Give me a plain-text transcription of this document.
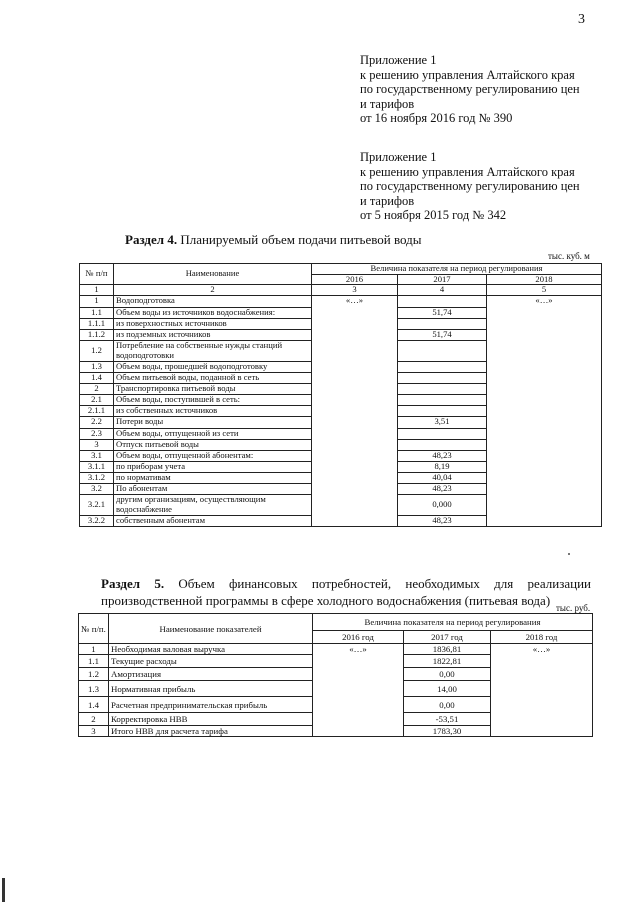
3
Приложение 1
к решению управления Алтайского края
по государственному регулированию цен
и тарифов
от 16 ноября 2016 год № 390
Приложение 1
к решению управления Алтайского края
по государственному регулированию цен
и тарифов
от 5 ноября 2015 год № 342
Раздел 4. Планируемый объем подачи питьевой воды
тыс. куб. м
№ п/п	Наименование	Величина показателя на период регулирования		
		2016	2017	2018
1	2	3	4	5
1	Водоподготовка	«…»		«…»
1.1	Объем воды из источников водоснабжения:		51,74	
1.1.1	из поверхностных источников			
1.1.2	из подземных источников		51,74	
1.2	Потребление на собственные нужды станций водоподготовки			
1.3	Объем воды, прошедшей водоподготовку			
1.4	Объем питьевой воды, поданной в сеть			
2	Транспортировка питьевой воды			
2.1	Объем воды, поступившей в сеть:			
2.1.1	из собственных источников			
2.2	Потери воды		3,51	
2.3	Объем воды, отпущенной из сети			
3	Отпуск питьевой воды			
3.1	Объем воды, отпущенной абонентам:		48,23	
3.1.1	по приборам учета		8,19	
3.1.2	по нормативам		40,04	
3.2	По абонентам		48,23	
3.2.1	другим организациям, осуществляющим водоснабжение		0,000	
3.2.2	собственным абонентам		48,23	
Раздел 5. Объем финансовых потребностей, необходимых для реализации производственной программы в сфере холодного водоснабжения (питьевая вода) тыс. руб.
№ п/п.	Наименование показателей	Величина показателя на период регулирования		
		2016 год	2017 год	2018 год
1	Необходимая валовая выручка	«…»	1836,81	«…»
1.1	Текущие расходы		1822,81	
1.2	Амортизация		0,00	
1.3	Нормативная прибыль		14,00	
1.4	Расчетная предпринимательская прибыль		0,00	
2	Корректировка НВВ		-53,51	
3	Итого НВВ для расчета тарифа		1783,30	
